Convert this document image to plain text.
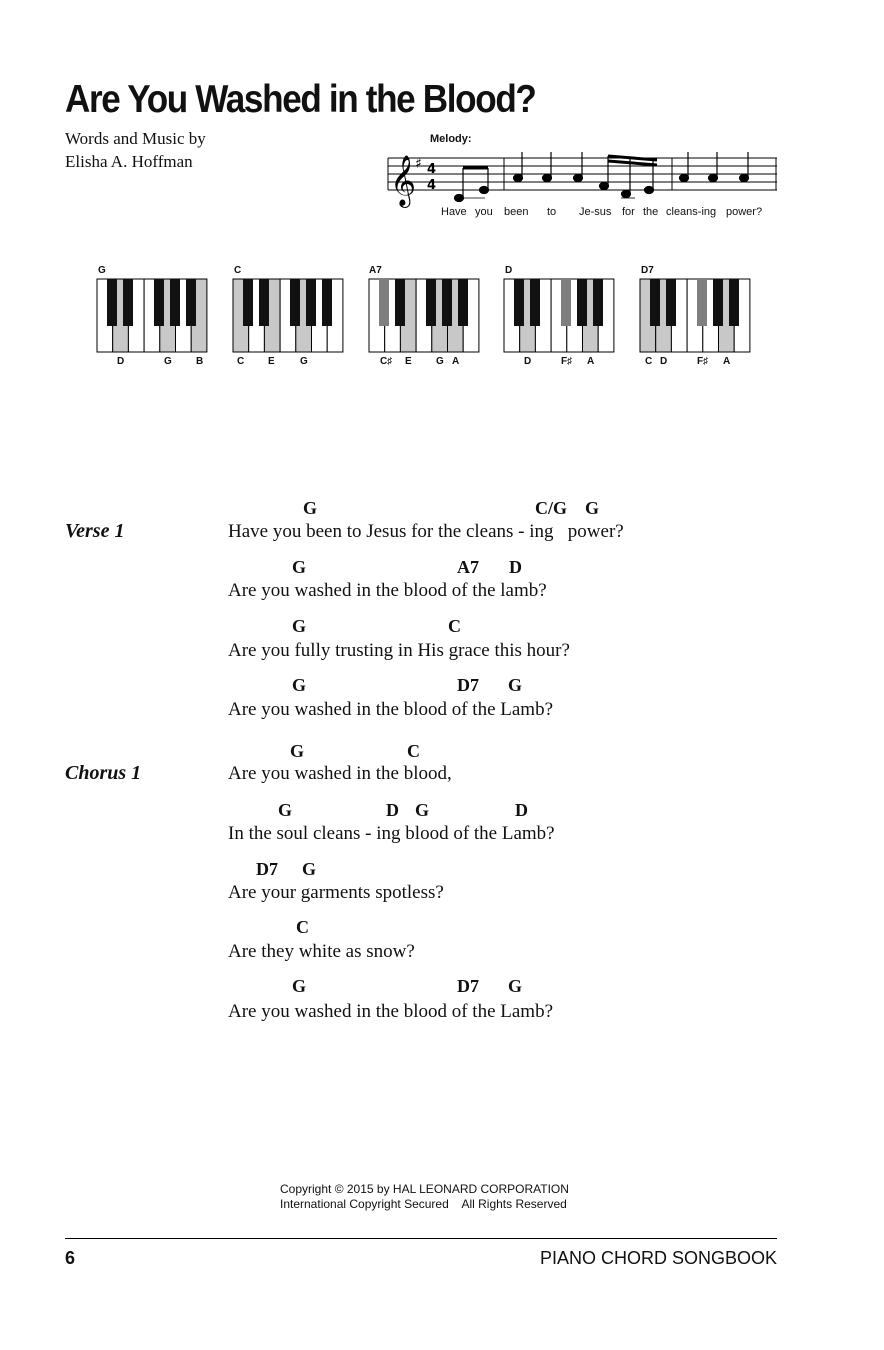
Are You Washed in the Blood?
Words and Music by
Elisha A. Hoffman
Melody:
𝄞
♯ 4
4
Have you been to Je-sus for the cleans-ing power?
G
D	G B
C
C E	G
A7
C♯ E G A
D
D	F♯ A
D7
C D	F♯ A
Verse 1
G	C/G G
Have you been to Jesus for the cleans - ing   power?
G	A7 D
Are you washed in the blood of the lamb?
G	C
Are you fully trusting in His grace this hour?
G	D7 G
Are you washed in the blood of the Lamb?
Chorus 1
G	C
Are you washed in the blood,
G	D G	D
In the soul cleans - ing blood of the Lamb?
D7 G
Are your garments spotless?
C
Are they white as snow?
G	D7 G
Are you washed in the blood of the Lamb?
Copyright © 2015 by HAL LEONARD CORPORATION
International Copyright Secured    All Rights Reserved
6	PIANO CHORD SONGBOOK
